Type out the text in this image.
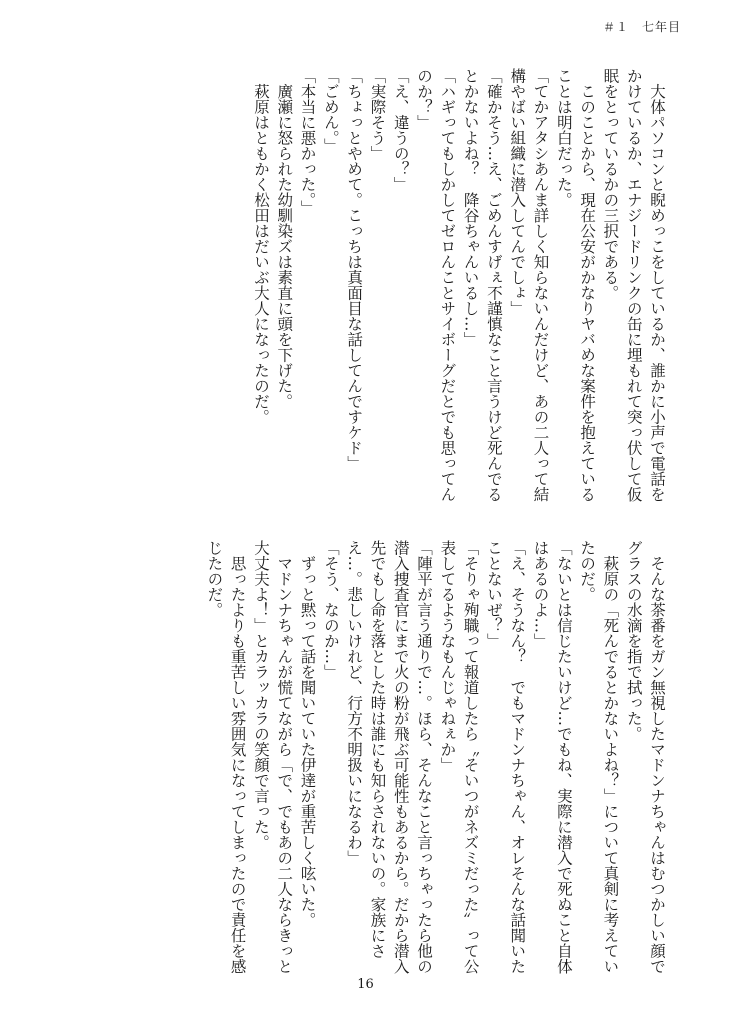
＃１　七年目

　大体パソコンと睨めっこをしているか、誰かに小声で電話を

かけているか、エナジードリンクの缶に埋もれて突っ伏して仮

眠をとっているかの三択である。

　このことから、現在公安がかなりヤバめな案件を抱えている

ことは明白だった。

「てかアタシあんま詳しく知らないんだけど、あの二人って結

構やばい組織に潜入してんでしょ」

「確かそう…え、ごめんすげぇ不謹慎なこと言うけど死んでる

とかないよね？　降谷ちゃんいるし…」

「ハギってもしかしてゼロんことサイボーグだとでも思ってん

のか？」

「え、違うの？」

「実際そう」

「ちょっとやめて。こっちは真面目な話してんですケド」

「ごめん。」

「本当に悪かった。」

　廣瀬に怒られた幼馴染ズは素直に頭を下げた。

　萩原はともかく松田はだいぶ大人になったのだ。

　そんな茶番をガン無視したマドンナちゃんはむつかしい顔で

グラスの水滴を指で拭った。

　萩原の「死んでるとかないよね？」について真剣に考えてい

たのだ。

「ないとは信じたいけど…でもね、実際に潜入で死ぬこと自体

はあるのよ…」

「え、そうなん？　でもマドンナちゃん、オレそんな話聞いた

ことないぜ？」

「そりゃ殉職って報道したら〝そいつがネズミだった〟って公

表してるようなもんじゃねぇか」

「陣平が言う通りで…。ほら、そんなこと言っちゃったら他の

潜入捜査官にまで火の粉が飛ぶ可能性もあるから。だから潜入

先でもし命を落とした時は誰にも知らされないの。家族にさ

え…。悲しいけれど、行方不明扱いになるわ」

「そう、なのか…」

　ずっと黙って話を聞いていた伊達が重苦しく呟いた。

　マドンナちゃんが慌てながら「で、でもあの二人ならきっと

大丈夫よ！」とカラッカラの笑顔で言った。

　思ったよりも重苦しい雰囲気になってしまったので責任を感

じたのだ。

16
